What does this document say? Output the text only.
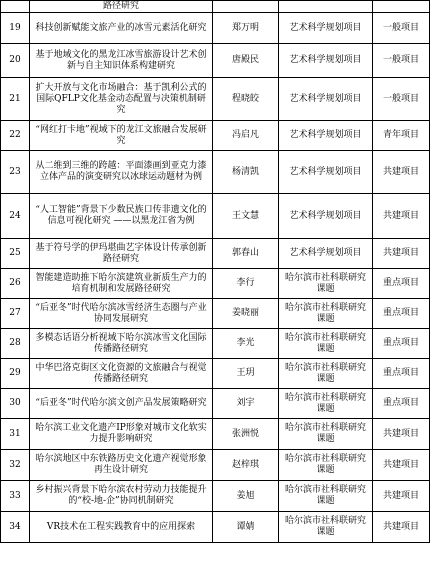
	路径研究			
19	科技创新赋能文旅产业的冰雪元素活化研究	郑万明	艺术科学规划项目	一般项目
20	基于地域文化的黑龙江冰雪旅游设计艺术创新与自主知识体系构建研究	唐殿民	艺术科学规划项目	一般项目
21	扩大开放与文化市场融合：基于凯利公式的国际QFLP文化基金动态配置与决策机制研究	程晓皎	艺术科学规划项目	一般项目
22	“网红打卡地”视域下的龙江文旅融合发展研究	冯启凡	艺术科学规划项目	青年项目
23	从二维到三维的跨越：平面漆画到亚克力漆立体产品的演变研究以冰球运动题材为例	杨清凯	艺术科学规划项目	共建项目
24	“人工智能”背景下少数民族口传非遗文化的信息可视化研究 ——以黑龙江省为例	王文慧	艺术科学规划项目	共建项目
25	基于符号学的伊玛堪曲艺字体设计传承创新路径研究	郭春山	艺术科学规划项目	共建项目
26	智能建造助推下哈尔滨建筑业新质生产力的培育机制和发展路径研究	李行	哈尔滨市社科联研究课题	重点项目
27	“后亚冬”时代哈尔滨冰雪经济生态圈与产业协同发展研究	姜晓丽	哈尔滨市社科联研究课题	重点项目
28	多模态话语分析视域下哈尔滨冰雪文化国际传播路径研究	李光	哈尔滨市社科联研究课题	重点项目
29	中华巴洛克街区文化资源的文旅融合与视觉传播路径研究	王玥	哈尔滨市社科联研究课题	重点项目
30	“后亚冬”时代哈尔滨文创产品发展策略研究	刘宇	哈尔滨市社科联研究课题	重点项目
31	哈尔滨工业文化遗产IP形象对城市文化软实力提升影响研究	张洲悦	哈尔滨市社科联研究课题	共建项目
32	哈尔滨地区中东铁路历史文化遗产视觉形象再生设计研究	赵梓琪	哈尔滨市社科联研究课题	共建项目
33	乡村振兴背景下哈尔滨农村劳动力技能提升的“校-地-企”协同机制研究	姜旭	哈尔滨市社科联研究课题	共建项目
34	VR技术在工程实践教育中的应用探索	谭婧	哈尔滨市社科联研究课题	共建项目
